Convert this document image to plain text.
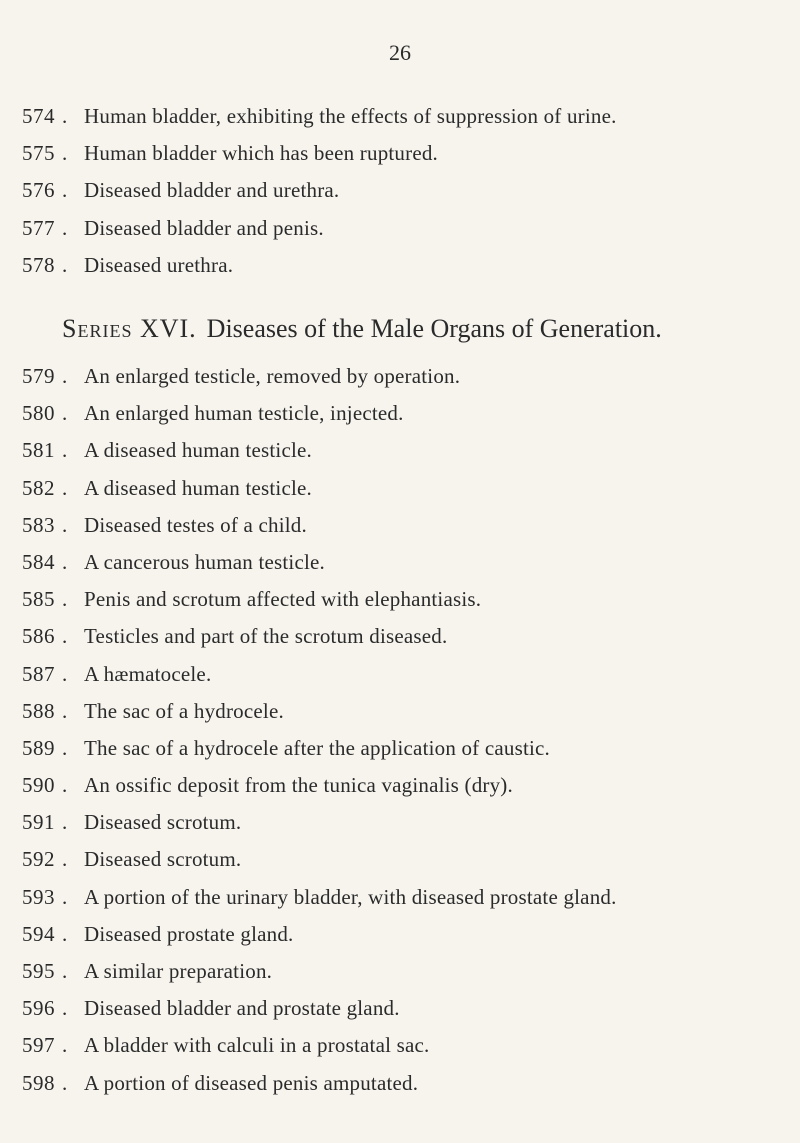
26
574 . Human bladder, exhibiting the effects of suppression of urine.
575 . Human bladder which has been ruptured.
576 . Diseased bladder and urethra.
577 . Diseased bladder and penis.
578 . Diseased urethra.
Series XVI. Diseases of the Male Organs of Generation.
579 . An enlarged testicle, removed by operation.
580 . An enlarged human testicle, injected.
581 . A diseased human testicle.
582 . A diseased human testicle.
583 . Diseased testes of a child.
584 . A cancerous human testicle.
585 . Penis and scrotum affected with elephantiasis.
586 . Testicles and part of the scrotum diseased.
587 . A hæmatocele.
588 . The sac of a hydrocele.
589 . The sac of a hydrocele after the application of caustic.
590 . An ossific deposit from the tunica vaginalis (dry).
591 . Diseased scrotum.
592 . Diseased scrotum.
593 . A portion of the urinary bladder, with diseased prostate gland.
594 . Diseased prostate gland.
595 . A similar preparation.
596 . Diseased bladder and prostate gland.
597 . A bladder with calculi in a prostatal sac.
598 . A portion of diseased penis amputated.
